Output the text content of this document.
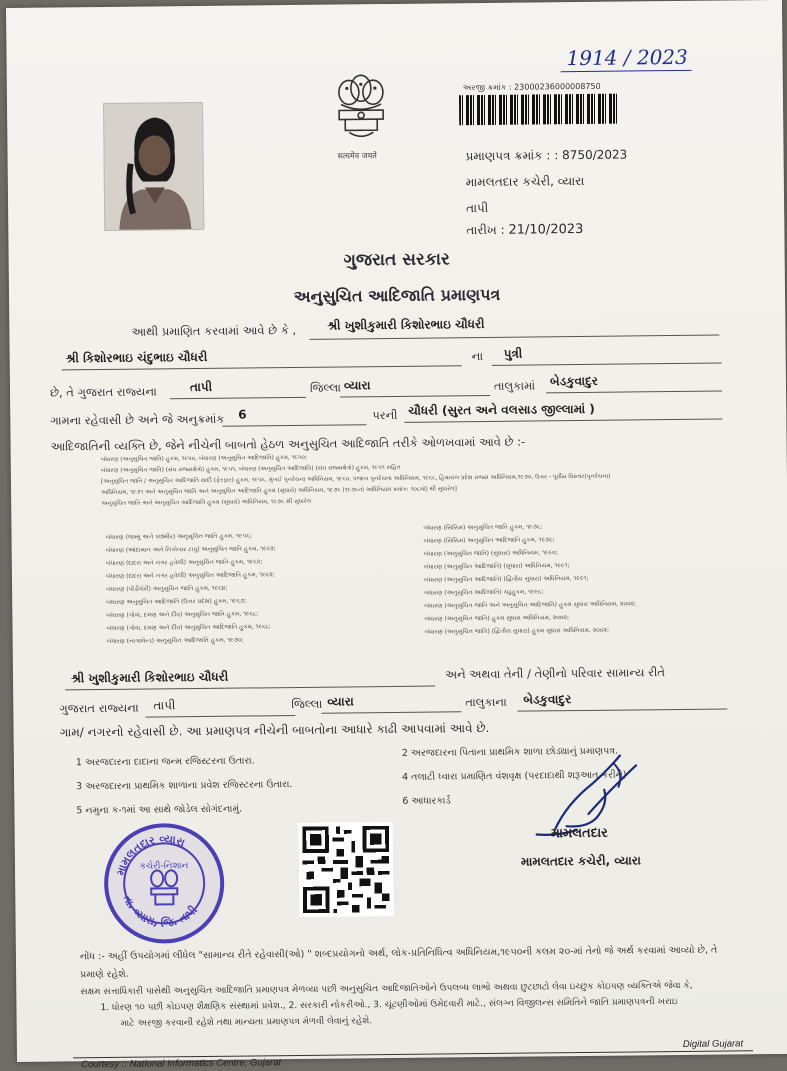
1914 / 2023
सत्यमेव जयते
અરજી ક્રમાંક : 23000236000008750
પ્રમાણપત્ર ક્રમાંક : : 8750/2023
મામલતદાર કચેરી, વ્યારા
તાપી
તારીખ : 21/10/2023
ગુજરાત સરકાર
અનુસુચિત આદિજાતિ પ્રમાણપત્ર
આથી પ્રમાણિત કરવામાં આવે છે કે ,	શ્રી ખુશીકુમારી કિશોરભાઇ ચૌધરી
શ્રી કિશોરભાઇ ચંદુભાઇ ચૌધરી	ના પુત્રી
છે, તે ગુજરાત રાજ્યના	તાપી	જિલ્લા વ્યારા	તાલુકામાં બેડકુવાદુર
ગામના રહેવાસી છે અને જે અનુક્રમાંક 6	પરની ચૌધરી (સુરત અને વલસાડ જીલ્લામાં )
આદિજાતિની વ્યક્તિ છે, જેને નીચેની બાબતો હેઠળ અનુસુચિત આદિજાતિ તરીકે ઓળખવામાં આવે છે :-
બંધારણ (અનુસુચિત જાતિ) હુકમ, ૧૯૫૦, બંધારણ (અનુસુચિત આદિજાતિ) હુકમ, ૧૯૫૦;
બંધારણ (અનુસુચિત જાતિ) (સંઘ રાજ્યક્ષેત્રો) હુકમ, ૧૯૫૧, બંધારણ (અનુસુચિત આદિજાતિ) (સંઘ રાજ્યક્ષેત્રો) હુકમ, ૧૯૫૧ સહિત
[અનુસુચિત જાતિ / અનુસુચિત આદિજાતિ યાદી (ફેરફાર) હુકમ, ૧૯૫૬, મુંબઈ પુનર્રચના અધિનિયમ, ૧૯૬૦, પંજાબ પુનર્રચના અધિનિયમ, ૧૯૬૬, હિમાચલ પ્રદેશ રાજ્ય અધિનિયમ,૧૯૭૦, ઉત્તર - પૂર્વીય વિસ્તાર(પુનર્રચના)
અધિનિયમ, ૧૯૭૧ અને અનુસુચિત જાતિ અને અનુસુચિત આદિજાતિ હુકમ (સુધારો) અધિનિયમ, ૧૯૭૬ (૧૯૭૬નો અધિનિયમ ક્રમાંક: ૧૦૮મો) થી સુધારેલ]
અનુસુચિત જાતિ અને અનુસુચિત આદિજાતિ હુકમ (સુધારો) અધિનિયમ, ૧૯૭૬ થી સુધારેલ
બંધારણ (જમ્મુ અને કાશ્મીર) અનુસુચિત જાતિ હુકમ, ૧૯૫૬;
બંધારણ (આંદામાન અને નિકોબાર ટાપુ) અનુસુચિત જાતિ હુકમ, ૧૯૬૨;
બંધારણ (દાદરા અને નગર હવેલી) અનુસુચિત જાતિ હુકમ, ૧૯૬૨;
બંધારણ (દાદરા અને નગર હવેલી) અનુસુચિત આદિજાતિ હુકમ, ૧૯૬૨;
બંધારણ (પોંડીચેરી) અનુસુચિત જાતિ હુકમ, ૧૯૬૪;
બંધારણ અનુસુચિત આદિજાતિ (ઉત્તર પ્રદેશ) હુકમ, ૧૯૬૭;
બંધારણ (ગોવા, દમણ અને દીવ) અનુસુચિત જાતિ હુકમ, ૧૯૬૮;
બંધારણ (ગોવા, દમણ અને દીવ) અનુસુચિત આદિજાતિ હુકમ, ૧૯૬૮;
બંધારણ (નાગાલેન્ડ) અનુસુચિત આદિજાતિ હુકમ, ૧૯૭૦;
બંધારણ (સિક્કિમ) અનુસુચિત જાતિ હુકમ, ૧૯૭૮;
બંધારણ (સિક્કિમ) અનુસુચિત આદિજાતિ હુકમ, ૧૯૭૮;
બંધારણ (અનુસુચિત જાતિ) (સુધારા) અધિનિયમ, ૧૯૯૦;
બંધારણ (અનુસુચિત આદિજાતિ) (સુધારા) અધિનિયમ, ૧૯૯૧;
બંધારણ (અનુસુચિત આદિજાતિ) (દ્વિતીય સુધારા) અધિનિયમ, ૧૯૯૧;
બંધારણ (અનુસુચિત આદિજાતિ) ચઢુહુકમ, ૧૯૯૬;
બંધારણ (અનુસુચિત જાતિ અને અનુસુચિત આદિજાતિ) હુકમ સુધારા અધિનિયમ, ૨૦૦૨;
બંધારણ (અનુસુચિત જાતિ) હુકમ સુધારા અધિનિયમ, ૨૦૦૨;
બંધારણ (અનુસુચિત જાતિ) (દ્વિતીય સુધારા) હુકમ સુધારા અધિનિયમ, ૨૦૦૨;
શ્રી ખુશીકુમારી કિશોરભાઇ ચૌધરી	અને અથવા તેની / તેણીનો પરિવાર સામાન્ય રીતે
ગુજરાત રાજ્યના તાપી	જિલ્લા વ્યારા	તાલુકાના બેડકુવાદુર
ગામ/ નગરનો રહેવાસી છે. આ પ્રમાણપત્ર નીચેની બાબતોના આધારે કાઢી આપવામાં આવે છે.
1 અરજદારના દાદાના જન્મ રજિસ્ટરના ઉતારા.
3 અરજદારના પ્રાથમિક શાળાના પ્રવેશ રજિસ્ટરના ઉતારા.
5 નમુના ક-૧માં આ સાથે જોડેલ સોગંદનામું.
2 અરજદારના પિતાના પ્રાથમિક શાળા છોડ્યાનું પ્રમાણપત્ર.
4 તલાટી ધ્વારા પ્રમાણિત વંશવૃક્ષ (પરદાદાથી શરૂઆત કરીને)
6 આધારકાર્ડ
મામલતદાર
મામલતદાર કચેરી, વ્યારા
મામલતદાર વ્યારા
તા. વ્યારા, જિ. તાપી
કચેરી-નિશાન
નોંધ :- અહીં ઉપયોગમાં લીધેલ "સામાન્ય રીતે રહેવાસી(ઓ) " શબ્દપ્રયોગનો અર્થ, લોક-પ્રતિનિધિત્વ અધિનિયમ,૧૯૫૦ની કલમ ૨૦-માં તેનો જે અર્થ કરવામાં આવ્યો છે, તે
પ્રમાણે રહેશે.
સક્ષમ સત્તાધિકારી પાસેથી અનુસુચિત આદિજાતિ પ્રમાણપત્ર મેળવ્યા પછી અનુસુચિત આદિજાતિઓને ઉપલબ્ધ લાભો અથવા છુટછાટો લેવા ઇચ્છુક કોઇપણ વ્યક્તિએ જેવા કે,
1. ધોરણ ૧૦ પછી કોઇપણ શૈક્ષણિક સંસ્થામાં પ્રવેશ., 2. સરકારી નોકરીઓ., 3. ચૂંટણીઓમાં ઉમેદવારી માટે., સંલગ્ન વિજીલન્સ સમિતિને જાતિ પ્રમાણપત્રની ખરાઇ
માટે અરજી કરવાની રહેશે તથા માન્યતા પ્રમાણપત્ર મેળવી લેવાનું રહેશે.
Courtesy :: National Informatics Centre, Gujarat
Digital Gujarat
